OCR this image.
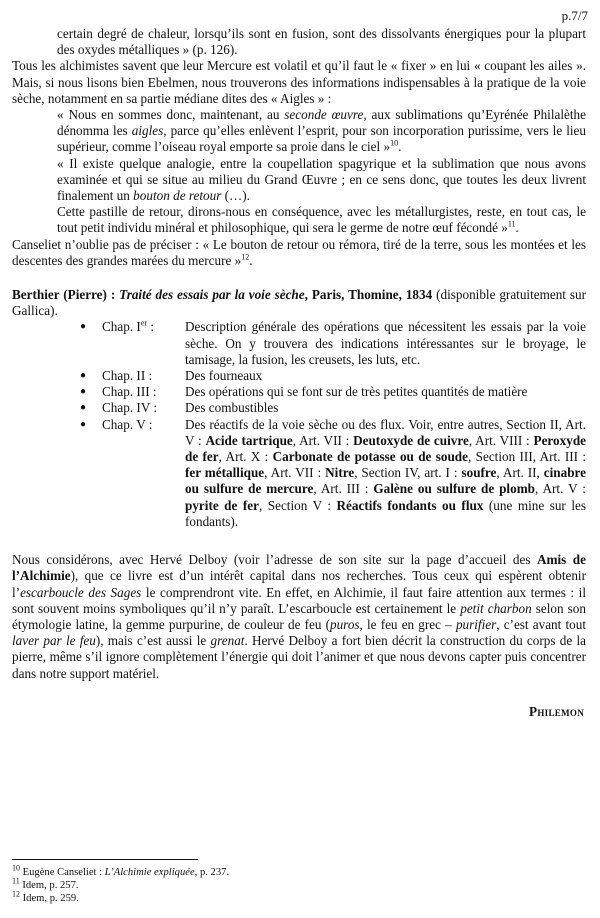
p.7/7

certain degré de chaleur, lorsqu’ils sont en fusion, sont des dissolvants énergiques pour la plupart des oxydes métalliques » (p. 126).

Tous les alchimistes savent que leur Mercure est volatil et qu’il faut le « fixer » en lui « coupant les ailes ». Mais, si nous lisons bien Ebelmen, nous trouverons des informations indispensables à la pratique de la voie sèche, notamment en sa partie médiane dites des « Aigles » :

« Nous en sommes donc, maintenant, au seconde œuvre, aux sublimations qu’Eyrénée Philalèthe dénomma les aigles, parce qu’elles enlèvent l’esprit, pour son incorporation purissime, vers le lieu supérieur, comme l’oiseau royal emporte sa proie dans le ciel »$^{10}$.

« Il existe quelque analogie, entre la coupellation spagyrique et la sublimation que nous avons examinée et qui se situe au milieu du Grand Œuvre ; en ce sens donc, que toutes les deux livrent finalement un bouton de retour (…).

Cette pastille de retour, dirons-nous en conséquence, avec les métallurgistes, reste, en tout cas, le tout petit individu minéral et philosophique, qui sera le germe de notre œuf fécondé »$^{11}$.

Canseliet n’oublie pas de préciser : « Le bouton de retour ou rémora, tiré de la terre, sous les montées et les descentes des grandes marées du mercure »$^{12}$.

Berthier (Pierre) : Traité des essais par la voie sèche, Paris, Thomine, 1834 (disponible gratuitement sur Gallica).

● Chap. Ier :	Description générale des opérations que nécessitent les essais par la voie sèche. On y trouvera des indications intéressantes sur le broyage, le tamisage, la fusion, les creusets, les luts, etc.
● Chap. II :	Des fourneaux
● Chap. III :	Des opérations qui se font sur de très petites quantités de matière
● Chap. IV :	Des combustibles
● Chap. V :	Des réactifs de la voie sèche ou des flux. Voir, entre autres, Section II, Art. V : Acide tartrique, Art. VII : Deutoxyde de cuivre, Art. VIII : Peroxyde de fer, Art. X : Carbonate de potasse ou de soude, Section III, Art. III : fer métallique, Art. VII : Nitre, Section IV, art. I : soufre, Art. II, cinabre ou sulfure de mercure, Art. III : Galène ou sulfure de plomb, Art. V : pyrite de fer, Section V : Réactifs fondants ou flux (une mine sur les fondants).

Nous considérons, avec Hervé Delboy (voir l’adresse de son site sur la page d’accueil des Amis de l’Alchimie), que ce livre est d’un intérêt capital dans nos recherches. Tous ceux qui espèrent obtenir l’escarboucle des Sages le comprendront vite. En effet, en Alchimie, il faut faire attention aux termes : il sont souvent moins symboliques qu’il n’y paraît. L’escarboucle est certainement le petit charbon selon son étymologie latine, la gemme purpurine, de couleur de feu (puros, le feu en grec – purifier, c’est avant tout laver par le feu), mais c’est aussi le grenat. Hervé Delboy a fort bien décrit la construction du corps de la pierre, même s’il ignore complètement l’énergie qui doit l’animer et que nous devons capter puis concentrer dans notre support matériel.

Philemon

$^{10}$ Eugène Canseliet : L’Alchimie expliquée, p. 237.
$^{11}$ Idem, p. 257.
$^{12}$ Idem, p. 259.
